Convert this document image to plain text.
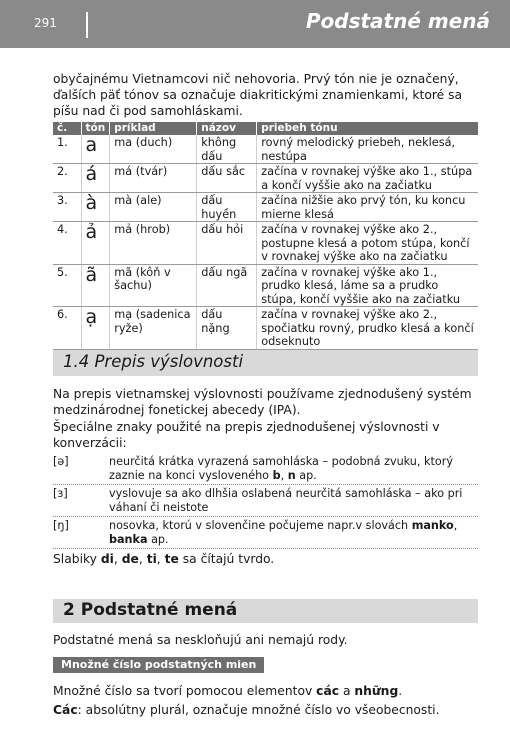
291	Podstatné mená

obyčajnému Vietnamcovi nič nehovoria. Prvý tón nie je označený, ďalších päť tónov sa označuje diakritickými znamienkami, ktoré sa píšu nad či pod samohláskami.

č.	tón	príklad	názov	priebeh tónu
1.	a	ma (duch)	không dấu	rovný melodický priebeh, neklesá, nestúpa
2.	á	má (tvár)	dấu sắc	začína v rovnakej výške ako 1., stúpa a končí vyššie ako na začiatku
3.	à	mà (ale)	dấu huyền	začína nižšie ako prvý tón, ku koncu mierne klesá
4.	ả	mả (hrob)	dấu hỏi	začína v rovnakej výške ako 2., postupne klesá a potom stúpa, končí v rovnakej výške ako na začiatku
5.	ã	mã (kôň v šachu)	dấu ngã	začína v rovnakej výške ako 1., prudko klesá, láme sa a prudko stúpa, končí vyššie ako na začiatku
6.	ạ	mạ (sadenica ryže)	dấu nặng	začína v rovnakej výške ako 2., spočiatku rovný, prudko klesá a končí odseknuto
1.4 Prepis výslovnosti

Na prepis vietnamskej výslovnosti používame zjednodušený systém medzinárodnej fonetickej abecedy (IPA).

Špeciálne znaky použité na prepis zjednodušenej výslovnosti v konverzácii:

[ə]	neurčitá krátka vyrazená samohláska – podobná zvuku, ktorý zaznie na konci vysloveného b, n ap.
[ɜ]	vyslovuje sa ako dlhšia oslabená neurčitá samohláska – ako pri váhaní či neistote
[ŋ]	nosovka, ktorú v slovenčine počujeme napr.v slovách manko, banka ap.

Slabiky di, de, ti, te sa čítajú tvrdo.

2 Podstatné mená

Podstatné mená sa neskloňujú ani nemajú rody.

Množné číslo podstatných mien

Množné číslo sa tvorí pomocou elementov các a những.

Các: absolútny plurál, označuje množné číslo vo všeobecnosti.
